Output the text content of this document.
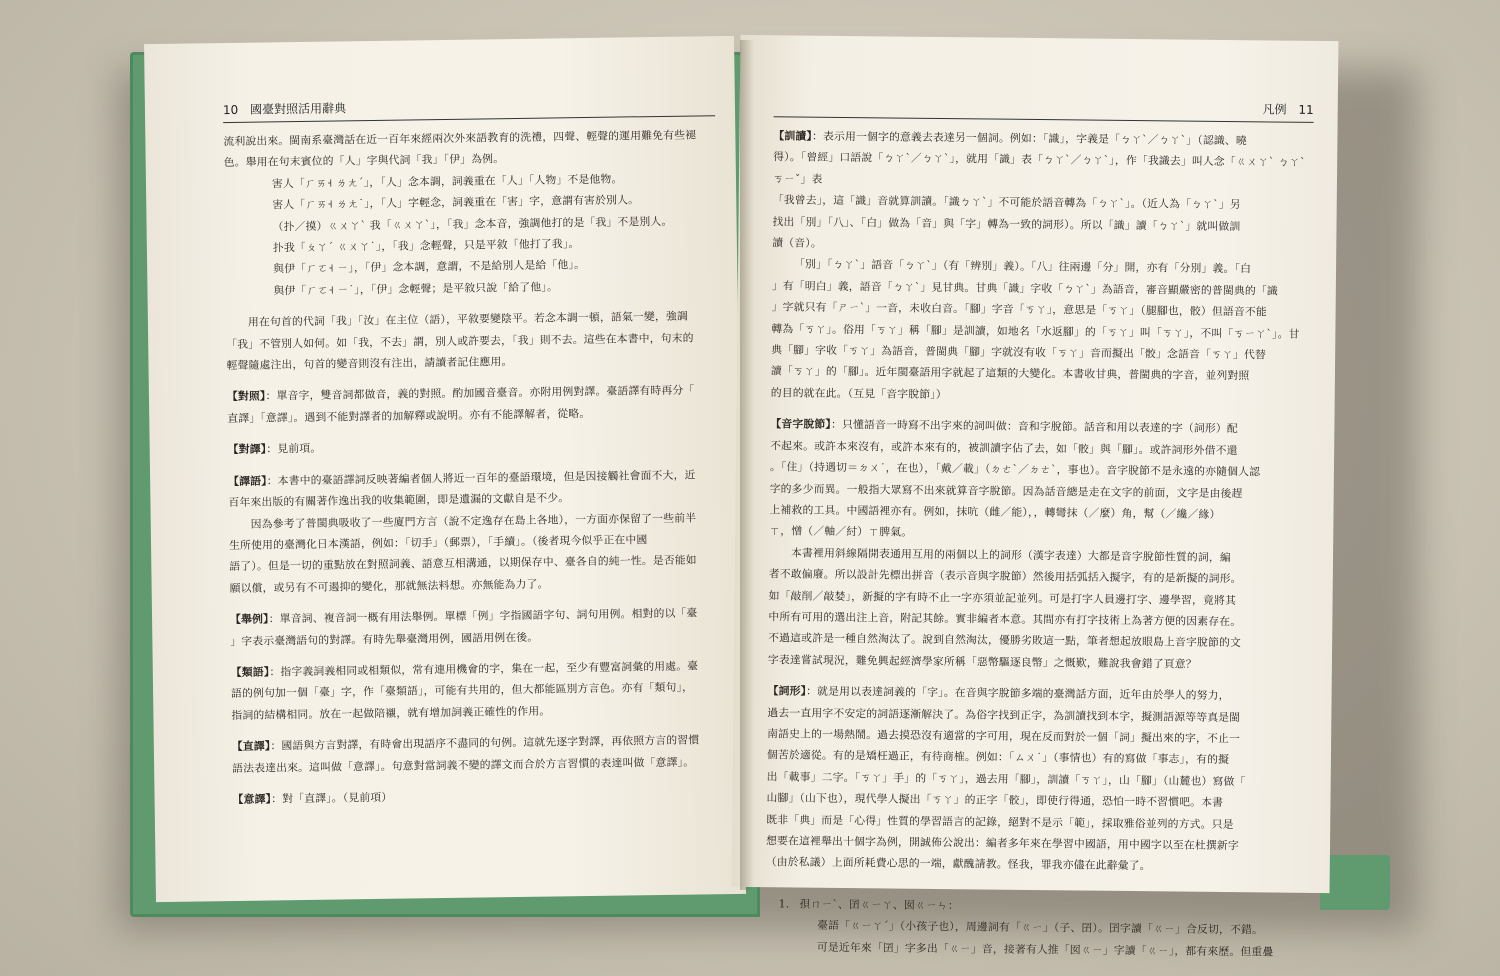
10 國臺對照活用辭典

流利說出來。閩南系臺灣話在近一百年來經兩次外來語教育的洗禮，四聲、輕聲的運用難免有些褪

色。舉用在句末賓位的「人」字與代詞「我」「伊」為例。

害人「ㄏㄞ˧ ㄌㄤˊ」，「人」念本調，詞義重在「人」「人物」不是他物。

害人「ㄏㄞ˧ ㄌㄤ˙」，「人」字輕念，詞義重在「害」字，意謂有害於別人。

（扑／摸）ㄍㄨㄚˋ 我「ㄍㄨㄚˋ」，「我」念本音，強調他打的是「我」不是別人。

扑我「ㄆㄚˊ ㄍㄨㄚ˙」，「我」念輕聲，只是平敘「他打了我」。

與伊「ㄏㄛ˧ ㄧ」，「伊」念本調，意謂，不是給別人是給「他」。

與伊「ㄏㄛ˧ ㄧ˙」，「伊」念輕聲；是平敘只說「給了他」。

用在句首的代詞「我」「汝」在主位（語），平敘要變陰平。若念本調一頓，語氣一變，強調

「我」不管別人如何。如「我，不去」謂，別人或許要去，「我」則不去。這些在本書中，句末的

輕聲隨處注出，句首的變音則沒有注出，請讀者記住應用。

【對照】：單音字，雙音詞都做音，義的對照。酌加國音臺音。亦附用例對譯。臺語譯有時再分「

直譯」「意譯」。遇到不能對譯者的加解釋或說明。亦有不能譯解者，從略。

【對譯】：見前項。

【譯語】：本書中的臺語譯詞反映著編者個人將近一百年的臺語環境，但是因接觸社會面不大，近

百年來出版的有關著作逸出我的收集範圍，即是遺漏的文獻自是不少。

因為參考了普閩典吸收了一些廈門方言（說不定逸存在島上各地），一方面亦保留了一些前半

生所使用的臺灣化日本漢語，例如：「切手」（郵票），「手續」。（後者現今似乎正在中國

語了）。但是一切的重點放在對照詞義、語意互相溝通，以期保存中、臺各自的純一性。是否能如

願以償，或另有不可遏抑的變化，那就無法料想。亦無能為力了。

【舉例】：單音詞、複音詞一概有用法舉例。單標「例」字指國語字句、詞句用例。相對的以「臺

」字表示臺灣語句的對譯。有時先舉臺灣用例，國語用例在後。

【類語】：指字義詞義相同或相類似，常有連用機會的字，集在一起，至少有豐富詞彙的用處。臺

語的例句加一個「臺」字，作「臺類語」，可能有共用的，但大都能區別方言色。亦有「類句」，

指詞的結構相同。放在一起做陪襯，就有增加詞義正確性的作用。

【直譯】：國語與方言對譯，有時會出現語序不盡同的句例。這就先逐字對譯，再依照方言的習慣

語法表達出來。這叫做「意譯」。句意對當詞義不變的譯文而合於方言習慣的表達叫做「意譯」。

【意譯】：對「直譯」。（見前項）

凡例 11

【訓讀】：表示用一個字的意義去表達另一個詞。例如：「識」，字義是「ㄅㄚˋ／ㄅㄚˋ」（認識、曉

得）。「曾經」口語說「ㄅㄚˋ／ㄅㄚˋ」，就用「識」表「ㄅㄚˋ／ㄅㄚˋ」，作「我識去」叫人念「ㄍㄨㄚˋ ㄅㄚˋ ㄎㄧˇ」表

「我曾去」，這「識」音就算訓讀。「識ㄅㄚˋ」不可能於語音轉為「ㄅㄚˋ」。（近人為「ㄅㄚˋ」另

找出「別」「八」、「白」做為「音」與「字」轉為一致的詞形）。所以「識」讀「ㄅㄚˋ」就叫做訓

讀（音）。

「別」「ㄅㄚˋ」語音「ㄅㄚˋ」（有「辨別」義）。「八」往兩邊「分」開，亦有「分別」義。「白

」有「明白」義，語音「ㄅㄚˋ」見甘典。甘典「識」字收「ㄅㄚˋ」為語音，審音顯嚴密的普閩典的「識

」字就只有「ㄕㄧˋ」一音，未收白音。「腳」字音「ㄎㄚ」，意思是「ㄎㄚ」（腿腳也，骹）但語音不能

轉為「ㄎㄚ」。俗用「ㄎㄚ」稱「腳」是訓讀，如地名「水返腳」的「ㄎㄚ」叫「ㄎㄚ」，不叫「ㄎㄧㄚˋ」。甘

典「腳」字收「ㄎㄚ」為語音，普閩典「腳」字就沒有收「ㄎㄚ」音而擬出「骹」念語音「ㄎㄚ」代替

讀「ㄎㄚ」的「腳」。近年閩臺語用字就起了這類的大變化。本書收甘典，普閩典的字音，並列對照

的目的就在此。（互見「音字脫節」）

【音字脫節】：只懂語音一時寫不出字來的詞叫做：音和字脫節。話音和用以表達的字（詞形）配

不起來。或許本來沒有，或許本來有的，被訓讀字佔了去，如「骹」與「腳」。或許詞形外借不還

。「住」（持遇切＝ㄉㄨ˙，在也），「戴／載」（ㄉㄜˋ／ㄉㄜˋ，事也）。音字脫節不是永遠的亦隨個人認

字的多少而異。一般指大眾寫不出來就算音字脫節。因為話音總是走在文字的前面，文字是由後趕

上補救的工具。中國語裡亦有。例如，抹吭（雌／能），，轉彎抹（／麼）角，幫（／纔／緣）

ㄒ，憎（／軸／紂）ㄒ脾氣。

本書裡用斜線隔開表通用互用的兩個以上的詞形（漢字表達）大都是音字脫節性質的詞，編

者不敢偏廢。所以設計先標出拼音（表示音與字脫節）然後用括弧括入擬字，有的是新擬的詞形。

如「敲削／敲婪」，新擬的字有時不止一字亦須並記並列。可是打字人員邊打字、邊學習，竟將其

中所有可用的選出注上音，附記其餘。實非編者本意。其間亦有打字技術上為著方便的因素存在。

不過這或許是一種自然淘汰了。說到自然淘汰，優勝劣敗這一點，筆者想起放眼島上音字脫節的文

字表達嘗試現況，難免興起經濟學家所稱「惡幣驅逐良幣」之慨歎，難說我會錯了頁意？

【詞形】：就是用以表達詞義的「字」。在音與字脫節多端的臺灣話方面，近年由於學人的努力，

過去一直用字不安定的詞語逐漸解決了。為俗字找到正字，為訓讀找到本字，擬測語源等等真是閩

南語史上的一場熱鬧。過去摸恐沒有適當的字可用，現在反而對於一個「詞」擬出來的字，不止一

個苦於適從。有的是矯枉過正，有待商榷。例如：「ㄙㄨ˙」（事情也）有的寫做「事志」，有的擬

出「載事」二字。「ㄎㄚ」手」的「ㄎㄚ」，過去用「腳」，訓讀「ㄎㄚ」，山「腳」（山麓也）寫做「

山腳」（山下也），現代學人擬出「ㄎㄚ」的正字「骹」，即使行得通，恐怕一時不習慣吧。本書

既非「典」而是「心得」性質的學習語言的記錄，絕對不是示「範」，採取雅俗並列的方式。只是

想要在這裡舉出十個字為例，開誠佈公說出：編者多年來在學習中國語，用中國字以至在杜撰新字

（由於私議）上面所耗費心思的一端，獻醜請教。怪我，罪我亦儘在此辭彙了。

1. 孭ㄇㄧˋ、囝ㄍㄧㄚ、囡ㄍㄧㄣ：

臺語「ㄍㄧㄚˊ」（小孩子也），周邊詞有「ㄍㄧ」（子、囝）。囝字讀「ㄍㄧ」合反切，不錯。

可是近年來「囝」字多出「ㄍㄧ」音，接著有人推「囡ㄍㄧ」字讀「ㄍㄧ」，都有來歷。但重疊
